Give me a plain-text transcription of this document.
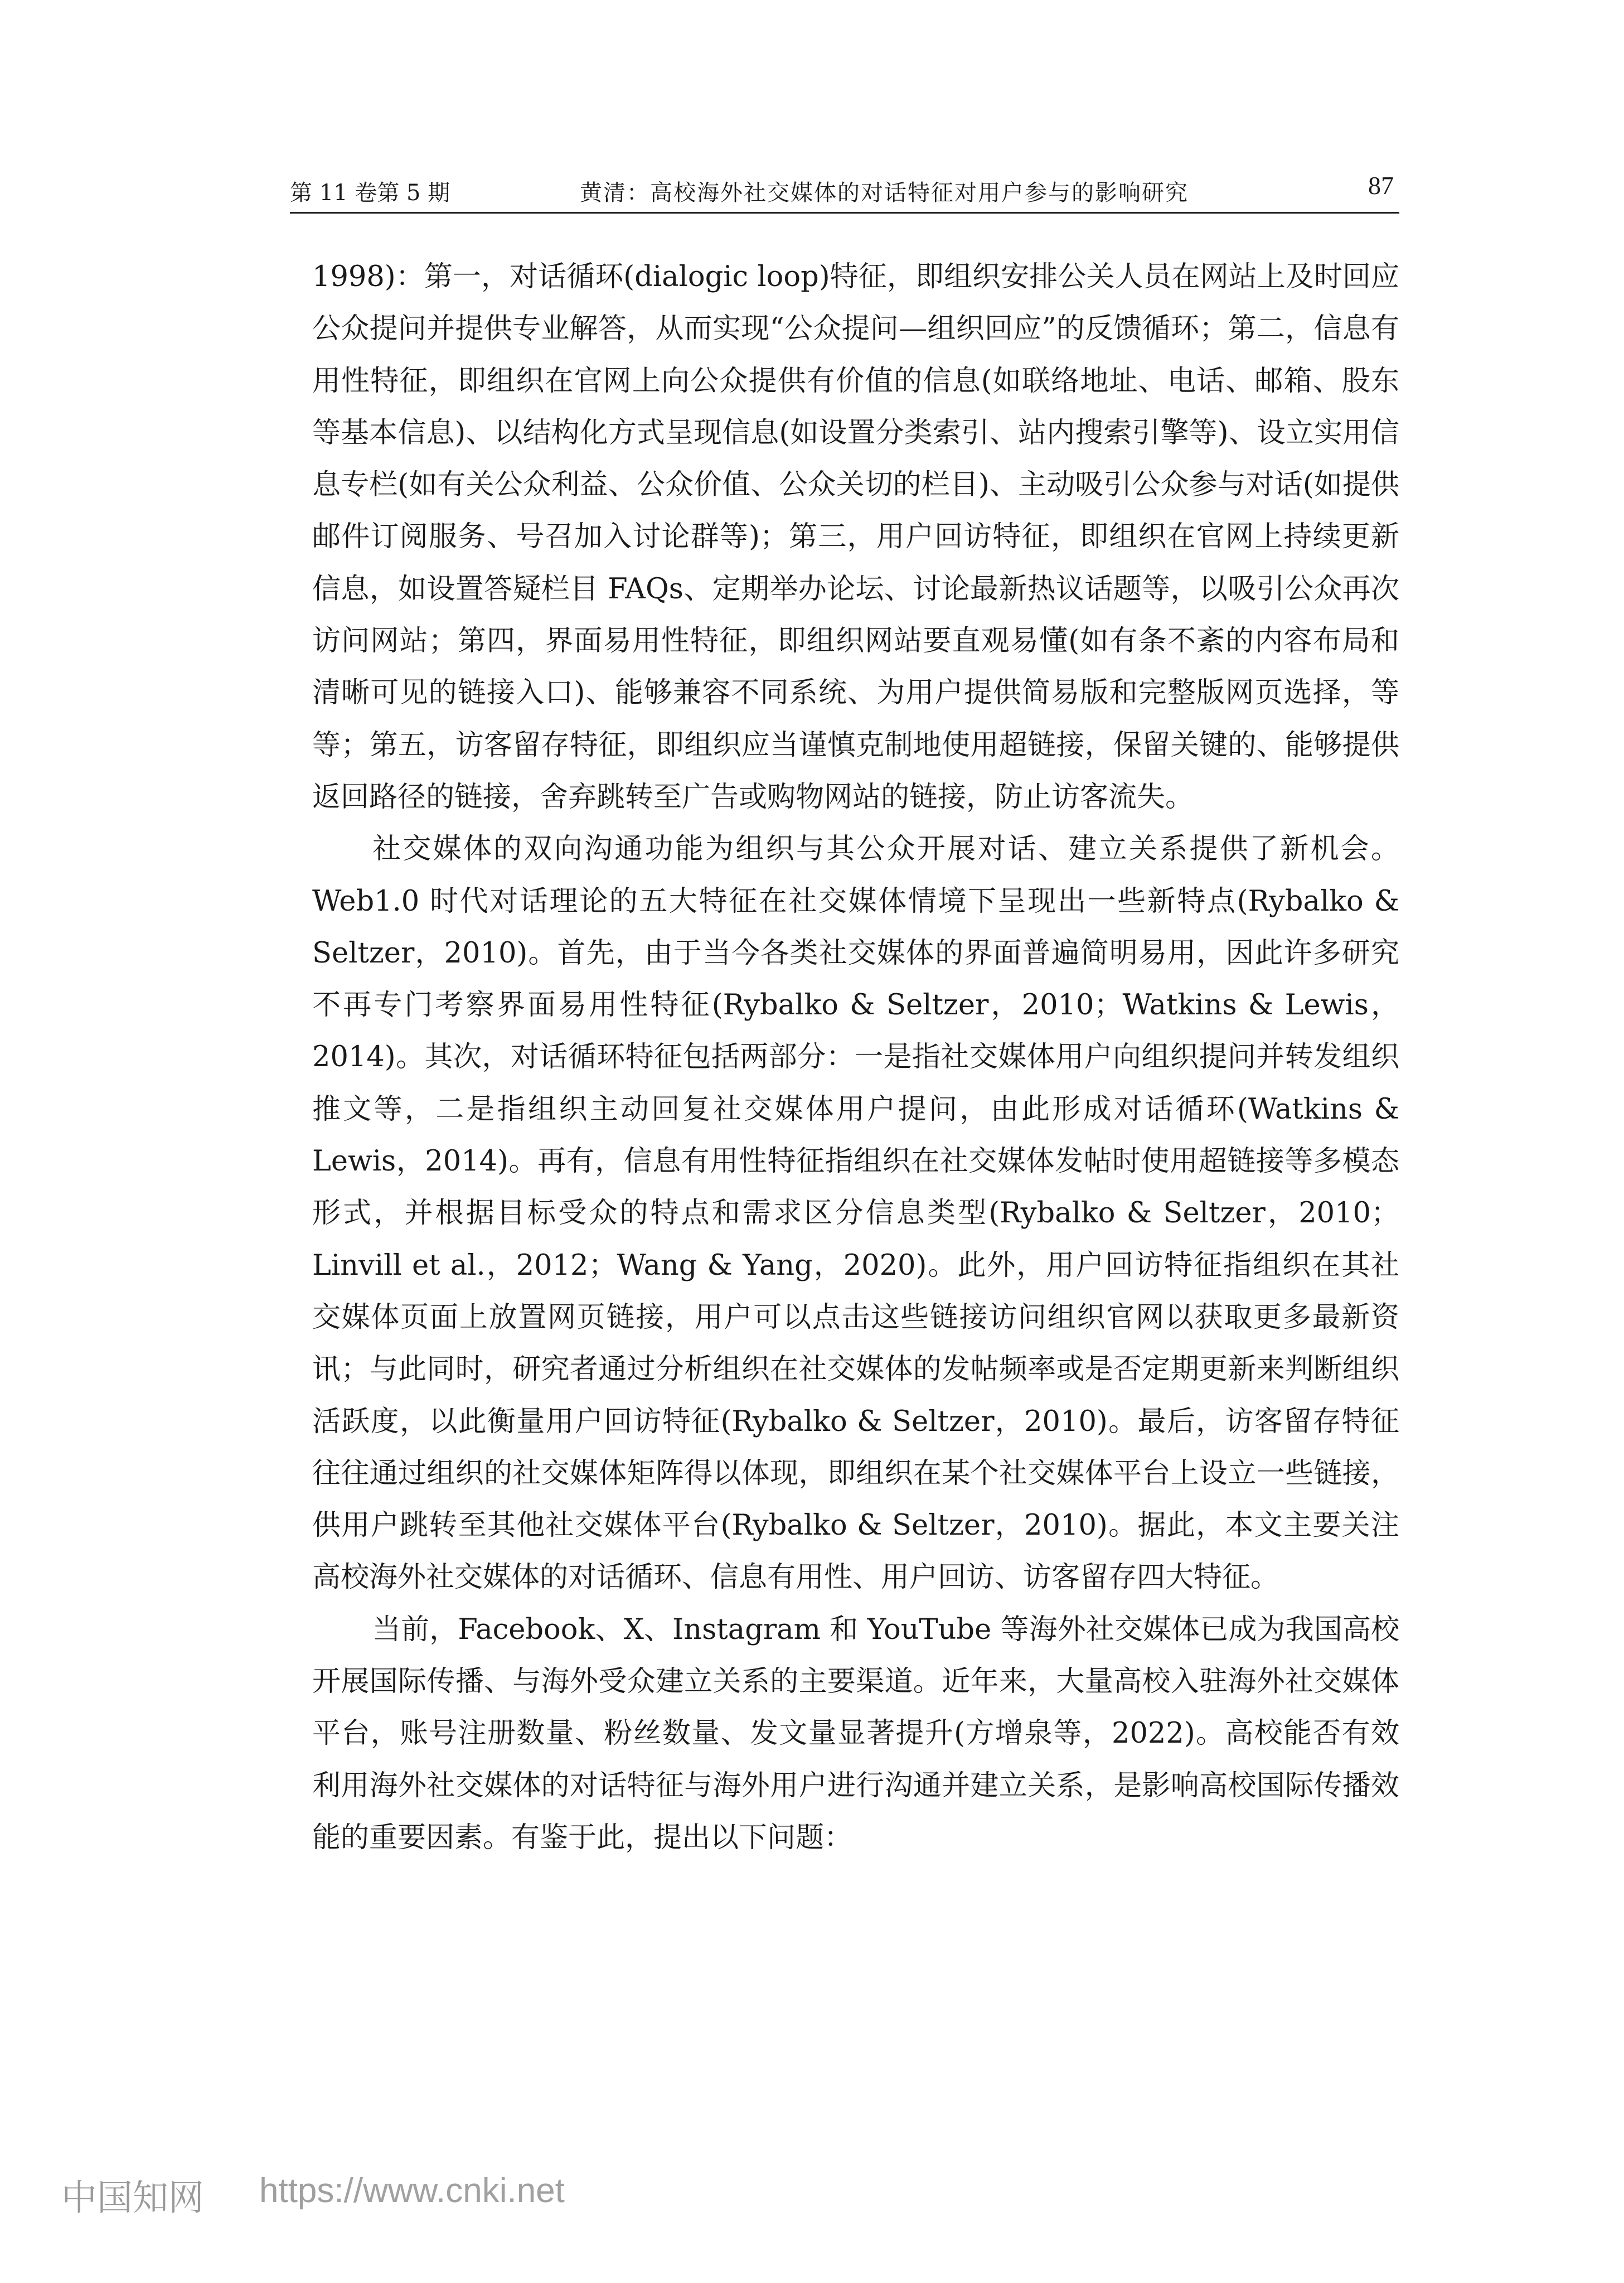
第 11 卷第 5 期	黄清：高校海外社交媒体的对话特征对用户参与的影响研究	87

1998)：第一，对话循环(dialogic loop)特征，即组织安排公关人员在网站上及时回应公众提问并提供专业解答，从而实现“公众提问—组织回应”的反馈循环；第二，信息有用性特征，即组织在官网上向公众提供有价值的信息(如联络地址、电话、邮箱、股东等基本信息)、以结构化方式呈现信息(如设置分类索引、站内搜索引擎等)、设立实用信息专栏(如有关公众利益、公众价值、公众关切的栏目)、主动吸引公众参与对话(如提供邮件订阅服务、号召加入讨论群等)；第三，用户回访特征，即组织在官网上持续更新信息，如设置答疑栏目 FAQs、定期举办论坛、讨论最新热议话题等，以吸引公众再次访问网站；第四，界面易用性特征，即组织网站要直观易懂(如有条不紊的内容布局和清晰可见的链接入口)、能够兼容不同系统、为用户提供简易版和完整版网页选择，等等；第五，访客留存特征，即组织应当谨慎克制地使用超链接，保留关键的、能够提供返回路径的链接，舍弃跳转至广告或购物网站的链接，防止访客流失。

社交媒体的双向沟通功能为组织与其公众开展对话、建立关系提供了新机会。Web1.0 时代对话理论的五大特征在社交媒体情境下呈现出一些新特点(Rybalko & Seltzer，2010)。首先，由于当今各类社交媒体的界面普遍简明易用，因此许多研究不再专门考察界面易用性特征(Rybalko & Seltzer，2010；Watkins & Lewis，2014)。其次，对话循环特征包括两部分：一是指社交媒体用户向组织提问并转发组织推文等，二是指组织主动回复社交媒体用户提问，由此形成对话循环(Watkins & Lewis，2014)。再有，信息有用性特征指组织在社交媒体发帖时使用超链接等多模态形式，并根据目标受众的特点和需求区分信息类型(Rybalko & Seltzer，2010；Linvill et al.，2012；Wang & Yang，2020)。此外，用户回访特征指组织在其社交媒体页面上放置网页链接，用户可以点击这些链接访问组织官网以获取更多最新资讯；与此同时，研究者通过分析组织在社交媒体的发帖频率或是否定期更新来判断组织活跃度，以此衡量用户回访特征(Rybalko & Seltzer，2010)。最后，访客留存特征往往通过组织的社交媒体矩阵得以体现，即组织在某个社交媒体平台上设立一些链接，供用户跳转至其他社交媒体平台(Rybalko & Seltzer，2010)。据此，本文主要关注高校海外社交媒体的对话循环、信息有用性、用户回访、访客留存四大特征。

当前，Facebook、X、Instagram 和 YouTube 等海外社交媒体已成为我国高校开展国际传播、与海外受众建立关系的主要渠道。近年来，大量高校入驻海外社交媒体平台，账号注册数量、粉丝数量、发文量显著提升(方增泉等，2022)。高校能否有效利用海外社交媒体的对话特征与海外用户进行沟通并建立关系，是影响高校国际传播效能的重要因素。有鉴于此，提出以下问题：

中国知网 https://www.cnki.net
